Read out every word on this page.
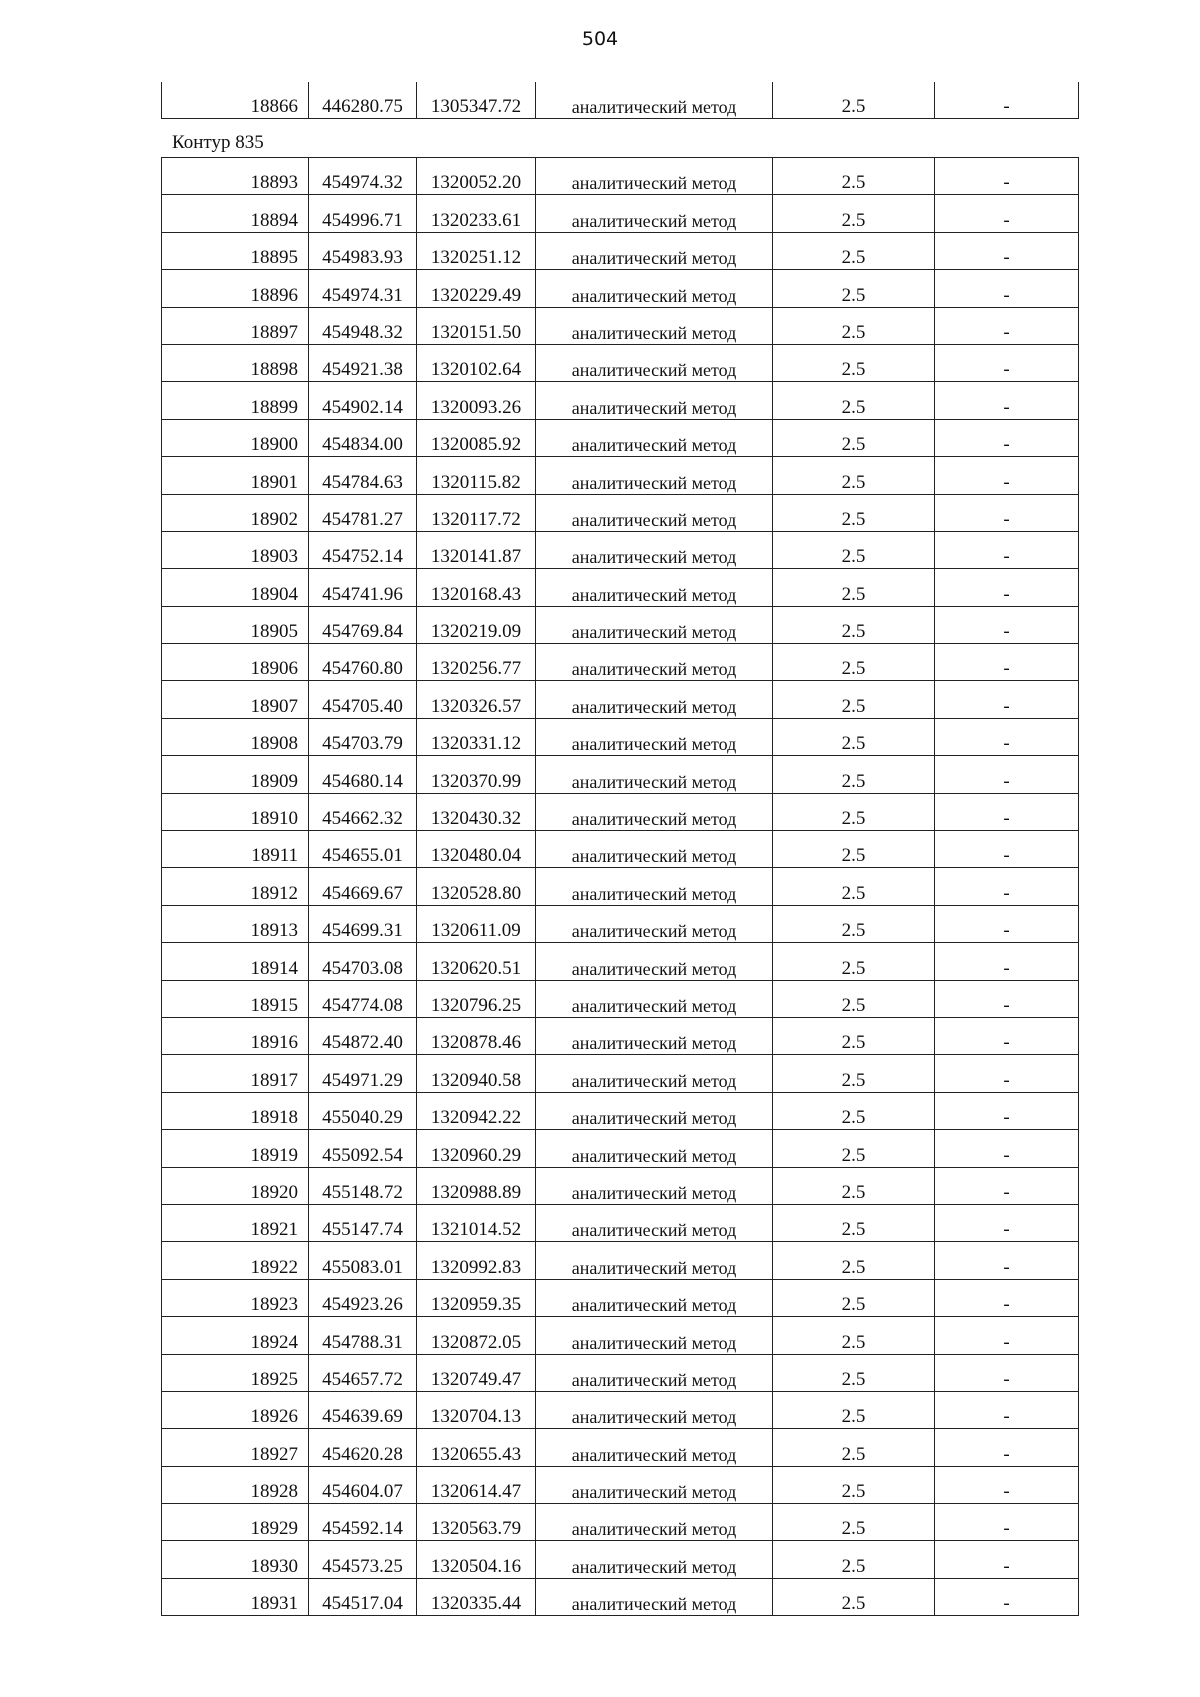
504
18866	446280.75	1305347.72	аналитический метод	2.5	-
Контур 835
18893	454974.32	1320052.20	аналитический метод	2.5	-

18894	454996.71	1320233.61	аналитический метод	2.5	-

18895	454983.93	1320251.12	аналитический метод	2.5	-

18896	454974.31	1320229.49	аналитический метод	2.5	-

18897	454948.32	1320151.50	аналитический метод	2.5	-

18898	454921.38	1320102.64	аналитический метод	2.5	-

18899	454902.14	1320093.26	аналитический метод	2.5	-

18900	454834.00	1320085.92	аналитический метод	2.5	-

18901	454784.63	1320115.82	аналитический метод	2.5	-

18902	454781.27	1320117.72	аналитический метод	2.5	-

18903	454752.14	1320141.87	аналитический метод	2.5	-

18904	454741.96	1320168.43	аналитический метод	2.5	-

18905	454769.84	1320219.09	аналитический метод	2.5	-

18906	454760.80	1320256.77	аналитический метод	2.5	-

18907	454705.40	1320326.57	аналитический метод	2.5	-

18908	454703.79	1320331.12	аналитический метод	2.5	-

18909	454680.14	1320370.99	аналитический метод	2.5	-

18910	454662.32	1320430.32	аналитический метод	2.5	-

18911	454655.01	1320480.04	аналитический метод	2.5	-

18912	454669.67	1320528.80	аналитический метод	2.5	-

18913	454699.31	1320611.09	аналитический метод	2.5	-

18914	454703.08	1320620.51	аналитический метод	2.5	-

18915	454774.08	1320796.25	аналитический метод	2.5	-

18916	454872.40	1320878.46	аналитический метод	2.5	-

18917	454971.29	1320940.58	аналитический метод	2.5	-

18918	455040.29	1320942.22	аналитический метод	2.5	-

18919	455092.54	1320960.29	аналитический метод	2.5	-

18920	455148.72	1320988.89	аналитический метод	2.5	-

18921	455147.74	1321014.52	аналитический метод	2.5	-

18922	455083.01	1320992.83	аналитический метод	2.5	-

18923	454923.26	1320959.35	аналитический метод	2.5	-

18924	454788.31	1320872.05	аналитический метод	2.5	-

18925	454657.72	1320749.47	аналитический метод	2.5	-

18926	454639.69	1320704.13	аналитический метод	2.5	-

18927	454620.28	1320655.43	аналитический метод	2.5	-

18928	454604.07	1320614.47	аналитический метод	2.5	-

18929	454592.14	1320563.79	аналитический метод	2.5	-

18930	454573.25	1320504.16	аналитический метод	2.5	-

18931	454517.04	1320335.44	аналитический метод	2.5	-
